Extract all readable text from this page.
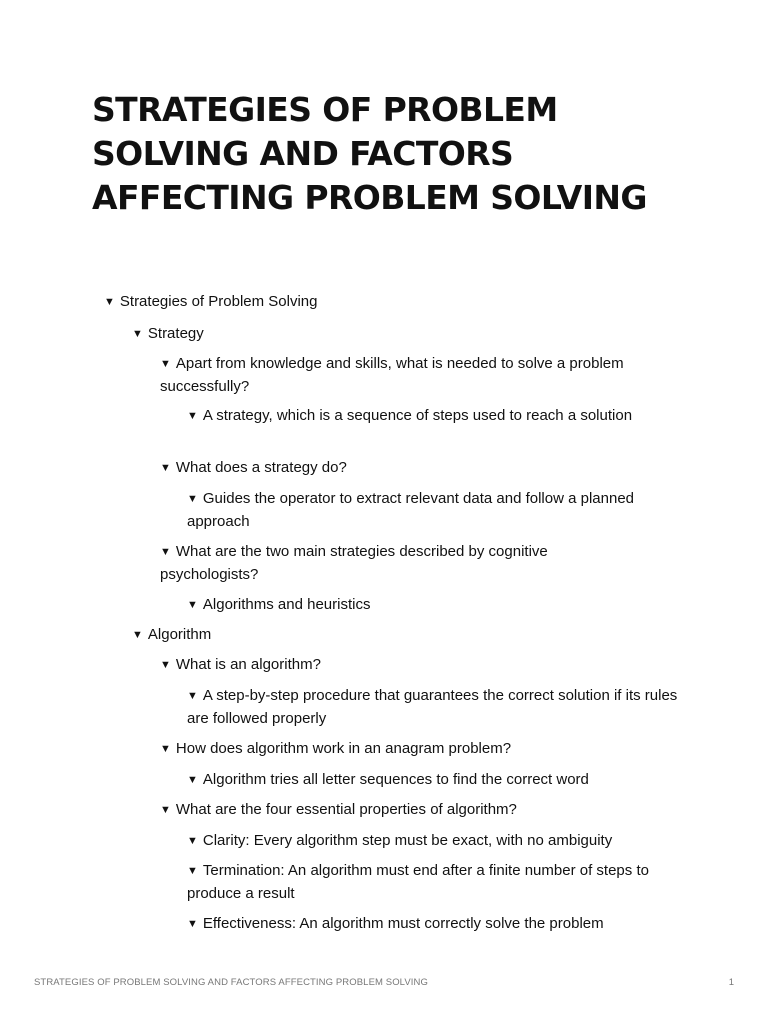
STRATEGIES OF PROBLEM SOLVING AND FACTORS AFFECTING PROBLEM SOLVING
▼ Strategies of Problem Solving
▼ Strategy
▼ Apart from knowledge and skills, what is needed to solve a problem successfully?
▼ A strategy, which is a sequence of steps used to reach a solution
▼ What does a strategy do?
▼ Guides the operator to extract relevant data and follow a planned approach
▼ What are the two main strategies described by cognitive psychologists?
▼ Algorithms and heuristics
▼ Algorithm
▼ What is an algorithm?
▼ A step-by-step procedure that guarantees the correct solution if its rules are followed properly
▼ How does algorithm work in an anagram problem?
▼ Algorithm tries all letter sequences to find the correct word
▼ What are the four essential properties of algorithm?
▼ Clarity: Every algorithm step must be exact, with no ambiguity
▼ Termination: An algorithm must end after a finite number of steps to produce a result
▼ Effectiveness: An algorithm must correctly solve the problem
STRATEGIES OF PROBLEM SOLVING AND FACTORS AFFECTING PROBLEM SOLVING	1
